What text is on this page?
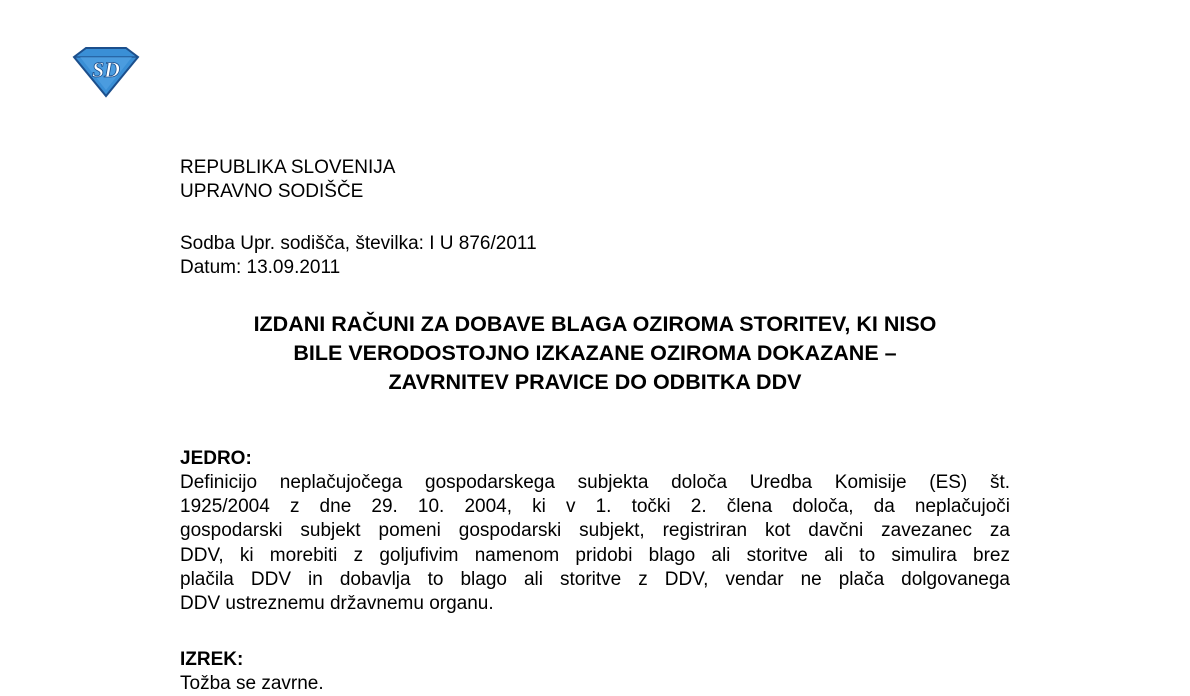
SD
REPUBLIKA SLOVENIJA
UPRAVNO SODIŠČE
Sodba Upr. sodišča, številka: I U 876/2011
Datum: 13.09.2011
IZDANI RAČUNI ZA DOBAVE BLAGA OZIROMA STORITEV, KI NISO
BILE VERODOSTOJNO IZKAZANE OZIROMA DOKAZANE –
ZAVRNITEV PRAVICE DO ODBITKA DDV
JEDRO:
Definicijo neplačujočega gospodarskega subjekta določa Uredba Komisije (ES) št.
1925/2004 z dne 29. 10. 2004, ki v 1. točki 2. člena določa, da neplačujoči
gospodarski subjekt pomeni gospodarski subjekt, registriran kot davčni zavezanec za
DDV, ki morebiti z goljufivim namenom pridobi blago ali storitve ali to simulira brez
plačila DDV in dobavlja to blago ali storitve z DDV, vendar ne plača dolgovanega
DDV ustreznemu državnemu organu.
IZREK:
Tožba se zavrne.
